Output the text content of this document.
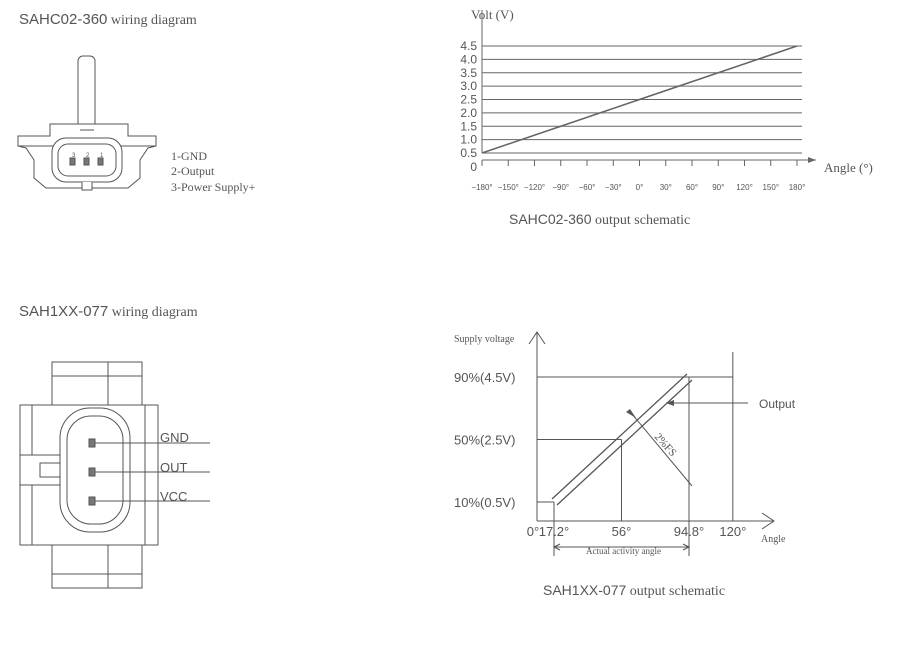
SAHC02-360 wiring diagram
3 2 1	1-GND
2-Output
3-Power Supply+
0
0.5
1.0
1.5
2.0
2.5
3.0
3.5
4.0
4.5
−180° −150° −120° −90° −60° −30° 0° 30° 60° 90° 120° 150° 180°
Volt (V)
Angle (°)
SAHC02-360 output schematic
SAH1XX-077 wiring diagram
GND
OUT
VCC	10%(0.5V)
50%(2.5V)
90%(4.5V)
0° 17.2°	56°	94.8° 120°
Supply voltage
Angle
Output
2%FS
Actual activity angle
SAH1XX-077 output schematic
